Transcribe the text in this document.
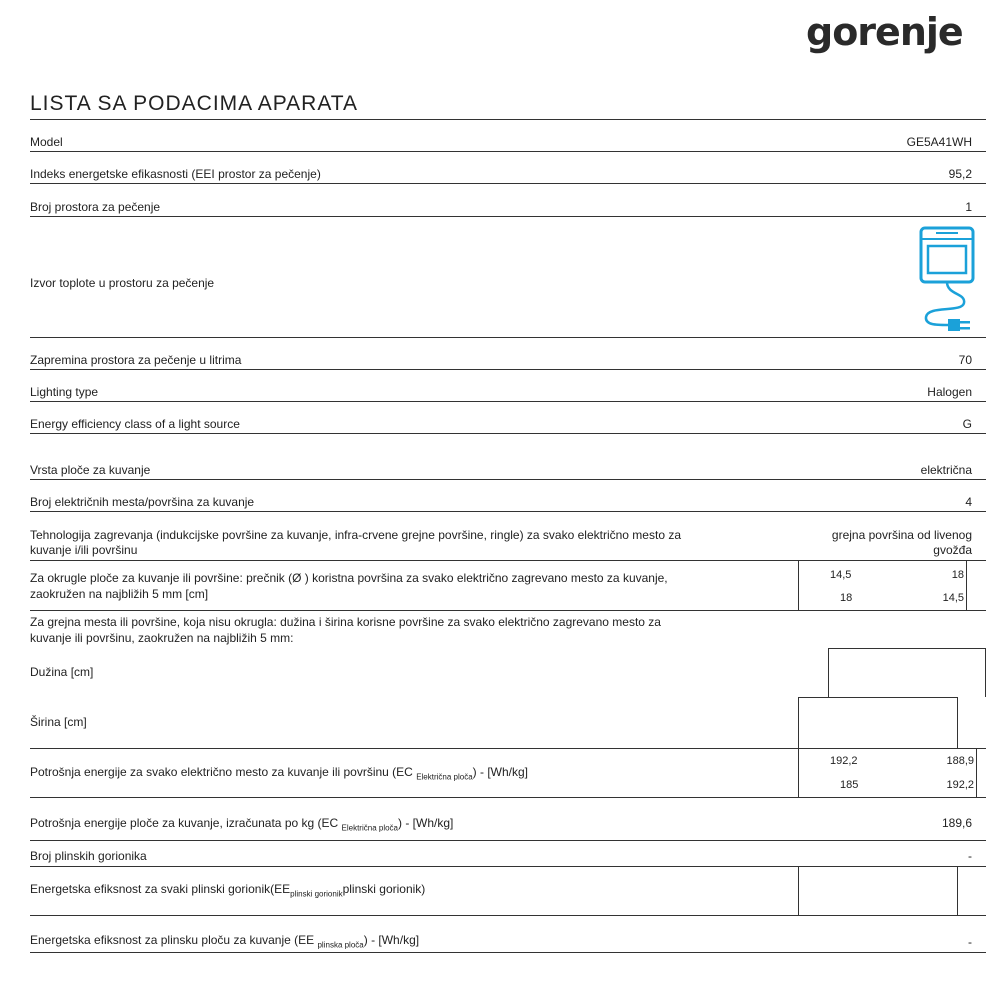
gorenje
LISTA SA PODACIMA APARATA
Model	GE5A41WH
Indeks energetske efikasnosti (EEI prostor za pečenje)	95,2
Broj prostora za pečenje	1
Izvor toplote u prostoru za pečenje
Zapremina prostora za pečenje u litrima	70
Lighting type	Halogen
Energy efficiency class of a light source	G
Vrsta ploče za kuvanje	električna
Broj električnih mesta/površina za kuvanje	4
Tehnologija zagrevanja (indukcijske površine za kuvanje, infra-crvene grejne površine, ringle) za svako električno mesto za
kuvanje i/ili površinu
grejna površina od livenog
gvožđa
Za okrugle ploče za kuvanje ili površine: prečnik (Ø ) koristna površina za svako električno zagrevano mesto za kuvanje,
zaokružen na najbližih 5 mm [cm]
14,5	18
18	14,5
Za grejna mesta ili površine, koja nisu okrugla: dužina i širina korisne površine za svako električno zagrevano mesto za
kuvanje ili površinu, zaokružen na najbližih 5 mm:
Dužina [cm]
Širina [cm]
Potrošnja energije za svako električno mesto za kuvanje ili površinu (EC $_{Električna ploča}$) - [Wh/kg]
192,2	188,9
185	192,2
Potrošnja energije ploče za kuvanje, izračunata po kg (EC $_{Električna ploča}$) - [Wh/kg]	189,6
Broj plinskih gorionika	-
Energetska efiksnost za svaki plinski $gorionik(EE_{plinski gorionik}plinski$ gorionik)
Energetska efiksnost za plinsku ploču za kuvanje (EE $_{plinska ploča}$) - [Wh/kg]	-
